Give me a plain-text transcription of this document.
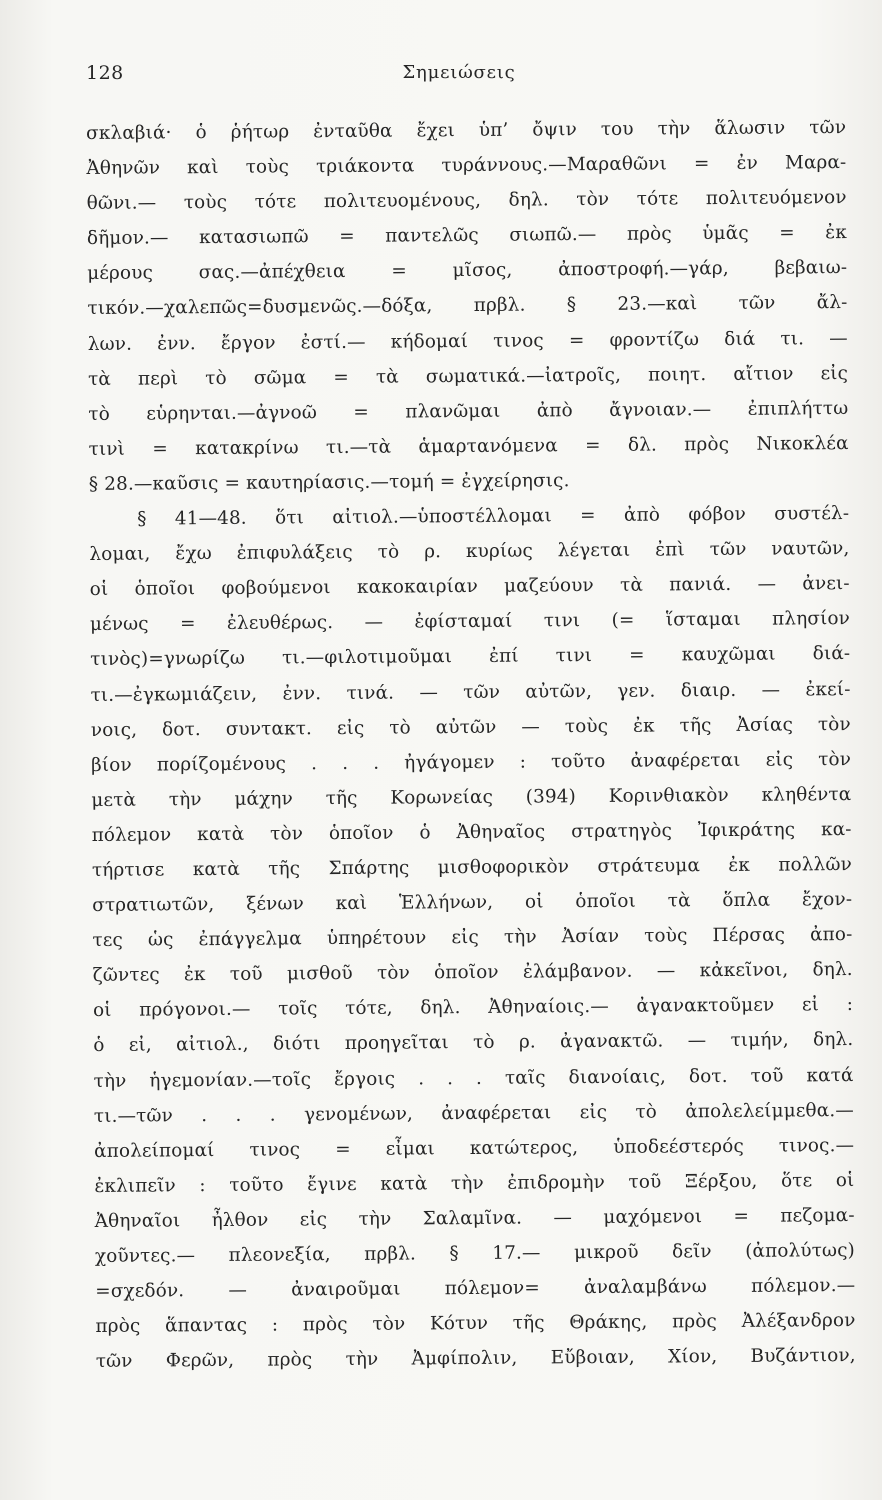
128	Σημειώσεις
σκλαβιά· ὁ ῥήτωρ ἐνταῦθα ἔχει ὑπ’ ὄψιν του τὴν ἅλωσιν τῶν
Ἀθηνῶν καὶ τοὺς τριάκοντα τυράννους.—Μαραθῶνι = ἐν Μαρα-
θῶνι.— τοὺς τότε πολιτευομένους, δηλ. τὸν τότε πολιτευόμενον
δῆμον.— κατασιωπῶ = παντελῶς σιωπῶ.— πρὸς ὑμᾶς = ἐκ
μέρους σας.—ἀπέχθεια = μῖσος, ἀποστροφή.—γάρ, βεβαιω-
τικόν.—χαλεπῶς=δυσμενῶς.—δόξα, πρβλ. § 23.—καὶ τῶν ἄλ-
λων. ἐνν. ἔργον ἐστί.— κήδομαί τινος = φροντίζω διά τι. —
τὰ περὶ τὸ σῶμα = τὰ σωματικά.—ἰατροῖς, ποιητ. αἴτιον εἰς
τὸ εὑρηνται.—ἀγνοῶ = πλανῶμαι ἀπὸ ἄγνοιαν.— ἐπιπλήττω
τινὶ = κατακρίνω τι.—τὰ ἁμαρτανόμενα = δλ. πρὸς Νικοκλέα
§ 28.—καῦσις = καυτηρίασις.—τομή = ἐγχείρησις.
§ 41—48. ὅτι αἰτιολ.—ὑποστέλλομαι = ἀπὸ φόβον συστέλ-
λομαι, ἔχω ἐπιφυλάξεις τὸ ρ. κυρίως λέγεται ἐπὶ τῶν ναυτῶν,
οἱ ὁποῖοι φοβούμενοι κακοκαιρίαν μαζεύουν τὰ πανιά. — ἀνει-
μένως = ἐλευθέρως. — ἐφίσταμαί τινι (= ἵσταμαι πλησίον
τινὸς)=γνωρίζω τι.—φιλοτιμοῦμαι ἐπί τινι = καυχῶμαι διά-
τι.—ἐγκωμιάζειν, ἐνν. τινά. — τῶν αὐτῶν, γεν. διαιρ. — ἐκεί-
νοις, δοτ. συντακτ. εἰς τὸ αὐτῶν — τοὺς ἐκ τῆς Ἀσίας τὸν
βίον πορίζομένους . . . ἠγάγομεν : τοῦτο ἀναφέρεται εἰς τὸν
μετὰ τὴν μάχην τῆς Κορωνείας (394) Κορινθιακὸν κληθέντα
πόλεμον κατὰ τὸν ὁποῖον ὁ Ἀθηναῖος στρατηγὸς Ἰφικράτης κα-
τήρτισε κατὰ τῆς Σπάρτης μισθοφορικὸν στράτευμα ἐκ πολλῶν
στρατιωτῶν, ξένων καὶ Ἑλλήνων, οἱ ὁποῖοι τὰ ὅπλα ἔχον-
τες ὡς ἐπάγγελμα ὑπηρέτουν εἰς τὴν Ἀσίαν τοὺς Πέρσας ἀπο-
ζῶντες ἐκ τοῦ μισθοῦ τὸν ὁποῖον ἐλάμβανον. — κἀκεῖνοι, δηλ.
οἱ πρόγονοι.— τοῖς τότε, δηλ. Ἀθηναίοις.— ἀγανακτοῦμεν εἰ :
ὁ εἰ, αἰτιολ., διότι προηγεῖται τὸ ρ. ἀγανακτῶ. — τιμήν, δηλ.
τὴν ἡγεμονίαν.—τοῖς ἔργοις . . . ταῖς διανοίαις, δοτ. τοῦ κατά
τι.—τῶν . . . γενομένων, ἀναφέρεται εἰς τὸ ἀπολελείμμεθα.—
ἀπολείπομαί τινος = εἶμαι κατώτερος, ὑποδεέστερός τινος.—
ἐκλιπεῖν : τοῦτο ἔγινε κατὰ τὴν ἐπιδρομὴν τοῦ Ξέρξου, ὅτε οἱ
Ἀθηναῖοι ἦλθον εἰς τὴν Σαλαμῖνα. — μαχόμενοι = πεζομα-
χοῦντες.— πλεονεξία, πρβλ. § 17.— μικροῦ δεῖν (ἀπολύτως)
=σχεδόν. — ἀναιροῦμαι πόλεμον= ἀναλαμβάνω πόλεμον.—
πρὸς ἅπαντας : πρὸς τὸν Κότυν τῆς Θράκης, πρὸς Ἀλέξανδρον
τῶν Φερῶν, πρὸς τὴν Ἀμφίπολιν, Εὔβοιαν, Χίον, Βυζάντιον,
